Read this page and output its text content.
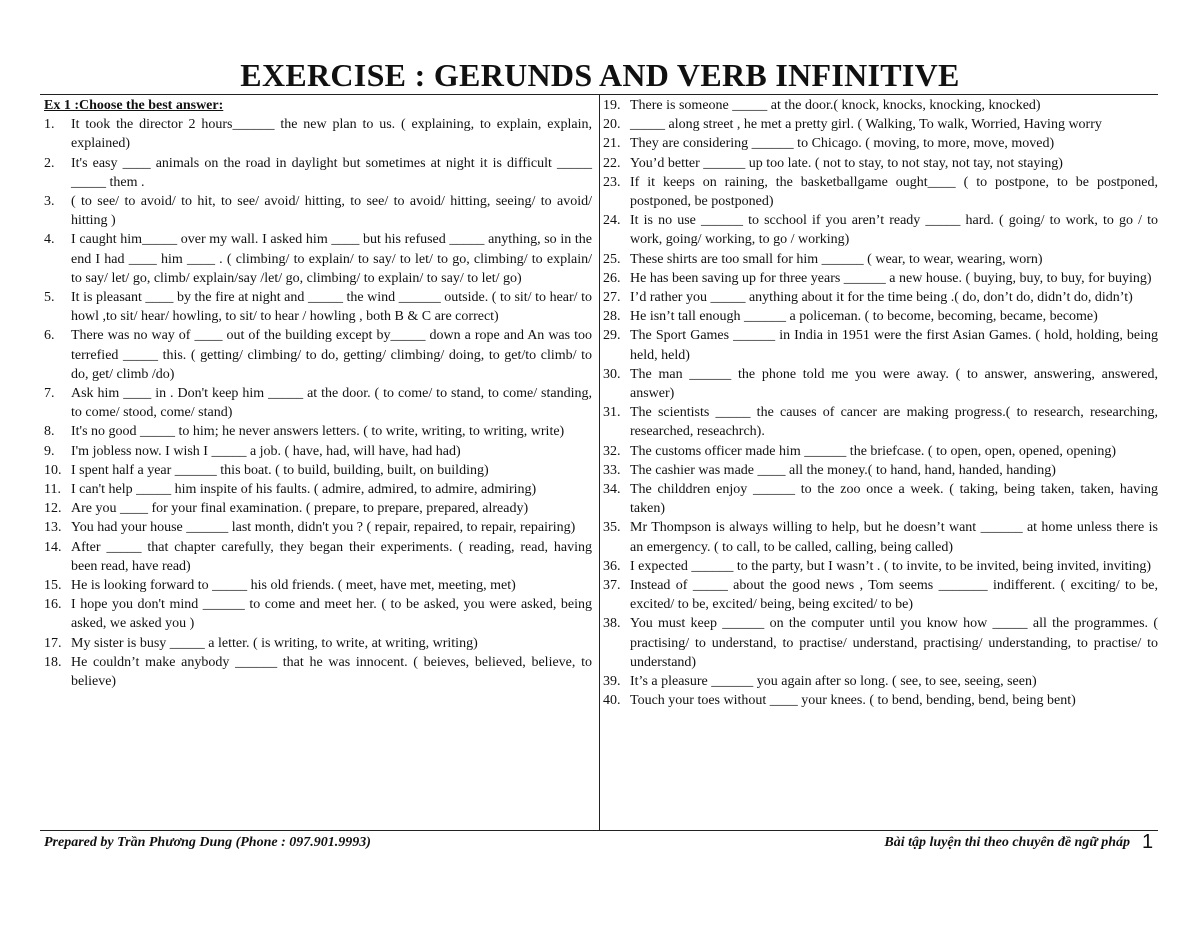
EXERCISE : GERUNDS AND VERB INFINITIVE
Ex 1 :Choose the best answer:
1.	It took the director 2 hours______ the new plan to us. ( explaining, to explain, explain, explained)
2.	It's easy ____ animals on the road in daylight but sometimes at night it is difficult _____ _____ them .
3.	( to see/ to avoid/ to hit, to see/ avoid/ hitting, to see/ to avoid/ hitting, seeing/ to avoid/ hitting )
4.	I caught him_____ over my wall. I asked him ____ but his refused _____ anything, so in the end I had ____ him ____ . ( climbing/ to explain/ to say/ to let/ to go, climbing/ to explain/ to say/ let/ go, climb/ explain/say /let/ go, climbing/ to explain/ to say/ to let/ go)
5.	It is pleasant ____ by the fire at night and _____ the wind ______ outside. ( to sit/ to hear/ to howl ,to sit/ hear/ howling, to sit/ to hear / howling , both B & C are correct)
6.	There was no way of ____ out of the building except by_____ down a rope and An was too terrefied _____ this. ( getting/ climbing/ to do, getting/ climbing/ doing, to get/to climb/ to do, get/ climb /do)
7.	Ask him ____ in . Don't keep him _____ at the door. ( to come/ to stand, to come/ standing, to come/ stood, come/ stand)
8.	It's no good _____ to him; he never answers letters. ( to write, writing, to writing, write)
9.	I'm jobless now. I wish I _____ a job. ( have, had, will have, had had)
10. I spent half a year ______ this boat. ( to build, building, built, on building)
11. I can't help _____ him inspite of his faults. ( admire, admired, to admire, admiring)
12. Are you ____ for your final examination. ( prepare, to prepare, prepared, already)
13. You had your house ______ last month, didn't you ? ( repair, repaired, to repair, repairing)
14. After _____ that chapter carefully, they began their experiments. ( reading, read, having been read, have read)
15. He is looking forward to _____ his old friends. ( meet, have met, meeting, met)
16. I hope you don't mind ______ to come and meet her. ( to be asked, you were asked, being asked, we asked you )
17. My sister is busy _____ a letter. ( is writing, to write, at writing, writing)
18. He couldn’t make anybody ______ that he was innocent. ( beieves, believed, believe, to believe)
19. There is someone _____ at the door.( knock, knocks, knocking, knocked)
20. _____ along street , he met a pretty girl. ( Walking, To walk, Worried, Having worry
21. They are considering ______ to Chicago. ( moving, to more, move, moved)
22. You’d better ______ up too late. ( not to stay, to not stay, not tay, not staying)
23. If it keeps on raining, the basketballgame ought____ ( to postpone, to be postponed, postponed, be postponed)
24. It is no use ______ to scchool if you aren’t ready _____ hard. ( going/ to work, to go / to work, going/ working, to go / working)
25. These shirts are too small for him ______ ( wear, to wear, wearing, worn)
26. He has been saving up for three years ______ a new house. ( buying, buy, to buy, for buying)
27. I’d rather you _____ anything about it for the time being .( do, don’t do, didn’t do, didn’t)
28. He isn’t tall enough ______ a policeman. ( to become, becoming, became, become)
29. The Sport Games ______ in India in 1951 were the first Asian Games. ( hold, holding, being held, held)
30. The man ______ the phone told me you were away. ( to answer, answering, answered, answer)
31. The scientists _____ the causes of cancer are making progress.( to research, researching, researched, reseachrch).
32. The customs officer made him ______ the briefcase. ( to open, open, opened, opening)
33. The cashier was made ____ all the money.( to hand, hand, handed, handing)
34. The childdren enjoy ______ to the zoo once a week. ( taking, being taken, taken, having taken)
35. Mr Thompson is always willing to help, but he doesn’t want ______ at home unless there is an emergency. ( to call, to be called, calling, being called)
36. I expected ______ to the party, but I wasn’t . ( to invite, to be invited, being invited, inviting)
37. Instead of _____ about the good news , Tom seems _______ indifferent. ( exciting/ to be, excited/ to be, excited/ being, being excited/ to be)
38. You must keep ______ on the computer until you know how _____ all the programmes. ( practising/ to understand, to practise/ understand, practising/ understanding, to practise/ to understand)
39. It’s a pleasure ______ you again after so long. ( see, to see, seeing, seen)
40. Touch your toes without ____ your knees. ( to bend, bending, bend, being bent)
Prepared by Trần Phương Dung (Phone : 097.901.9993)	Bài tập luyện thi theo chuyên đề ngữ pháp 1
